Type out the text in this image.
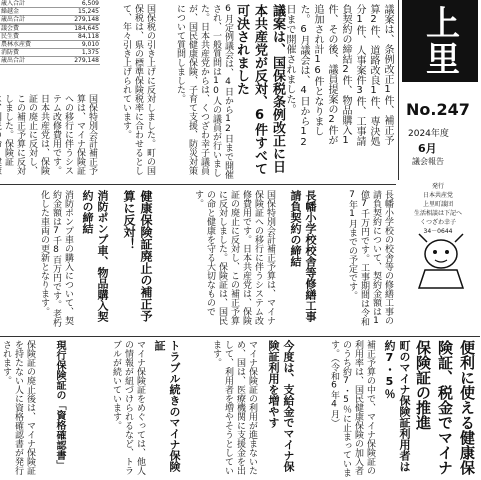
歳入合計	6,509
繰越金	15,245
歳出合計	279,148

議会費	184,645
民生費	84,118
農林水産費	9,010
消防費	1,375
歳出合計	279,148	上里
No.247
2024年度
6月
議会報告
発行
日本共産党
上里町議団
生活相談は下記へ
くつざわ幸子
34－0644
議案は、条例改正1件、補正予算2件、道路改良1件、専決処分1件、人事案件3件、工事請負契約の締結2件、物品購入1件、その後、議員提案の2件が追加され計16件となりました。6月議会は、4日から12日まで開催されました。
議案は、国保税条例改正に日本共産党が反対、6件すべて可決されました
6月定例議会は、4日から12日まで開催され、一般質問は10人の議員が行いました。日本共産党からは、くつざわ幸子議員が、国民健康保険、子育て支援、防災対策について質問しました。
国保税の引き上げに反対しました。町の国保税は、県の標準保険税率に合わせるとして、年々引き上げられています。
国保特別会計補正予算は、マイナ保険証への移行に伴うシステム改修費用です。日本共産党は、保険証の廃止に反対し、この補正予算に反対しました。保険証
健康保険証廃止の補正予算に反対！	国保特別会計補正予算は、マイナ保険証への移行に伴うシステム改修費用です。日本共産党は、保険証の廃止に反対し、この補正予算に反対しました。保険証は、国民の命と健康を守る大切なものです。	長幡小学校校舎等修繕工事請負契約の締結	長幡小学校の校舎等の修繕工事の請負契約について、契約金額は1億7千万円です。工事期間は令和7年1月までの予定です。
消防ポンプ車、物品購入契約の締結
消防ポンプ車の購入について、契約金額は7千8百万円です。老朽化した車両の更新となります。
便利に使える健康保険証、税金でマイナ保険証の推進
町のマイナ保険証利用者は約7・5％
補正予算の中で、マイナ保険証の利用率は、国民健康保険の加入者のうち約7・5％に止まっています。（令和6年4月）
今度は、支給金でマイナ保険証利用を増やす
マイナ保険証の利用が進まないため、国は、医療機関に支援金を出して、利用者を増やそうとしています。
トラブル続きのマイナ保険証
マイナ保険証をめぐっては、他人の情報が紐づけられるなど、トラブルが続いています。
現行保険証の「資格確認書」
保険証の廃止後は、マイナ保険証を持たない人に資格確認書が発行されます。
